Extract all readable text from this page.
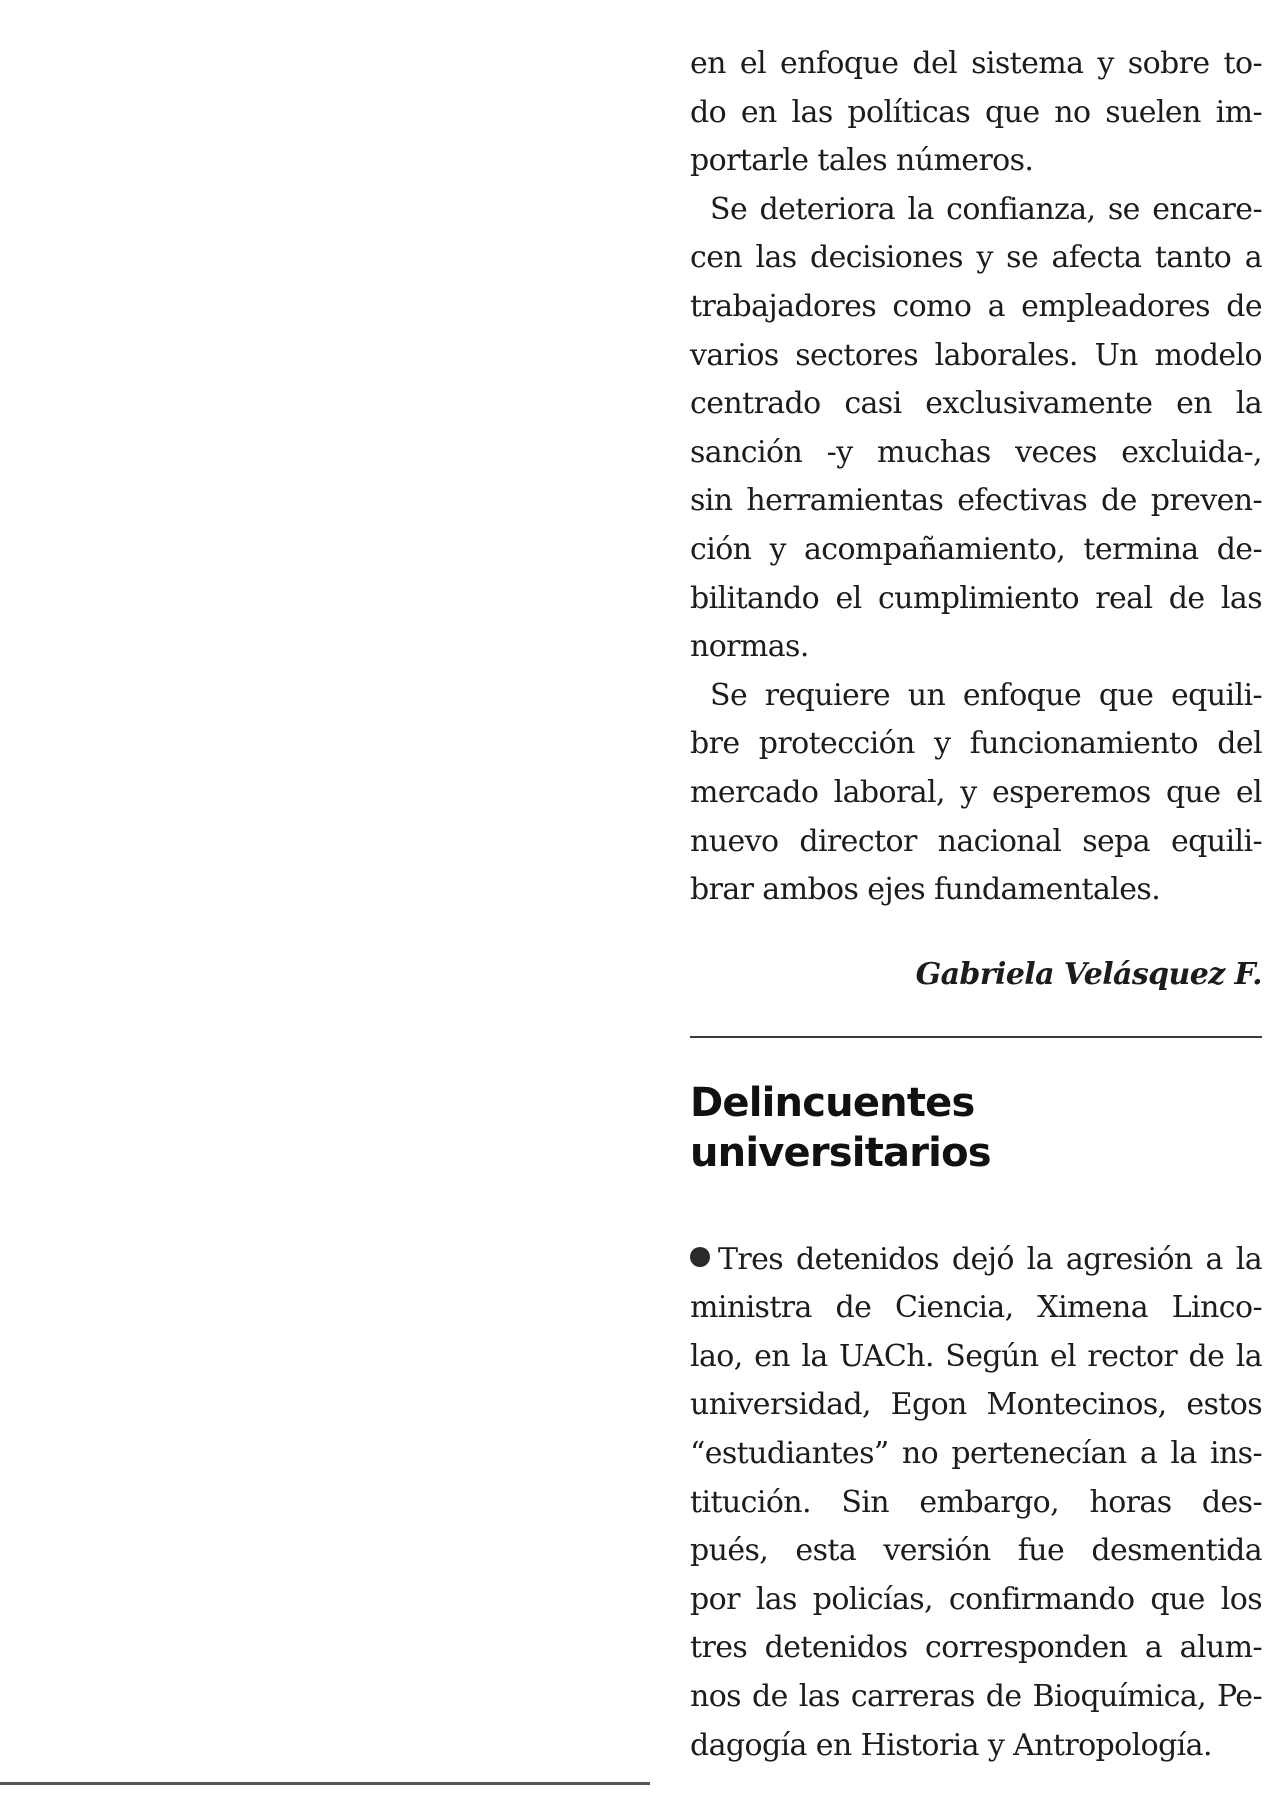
en el enfoque del sistema y sobre to-
do en las políticas que no suelen im-
portarle tales números.
Se deteriora la confianza, se encare-
cen las decisiones y se afecta tanto a
trabajadores como a empleadores de
varios sectores laborales. Un modelo
centrado casi exclusivamente en la
sanción -y muchas veces excluida-,
sin herramientas efectivas de preven-
ción y acompañamiento, termina de-
bilitando el cumplimiento real de las
normas.
Se requiere un enfoque que equili-
bre protección y funcionamiento del
mercado laboral, y esperemos que el
nuevo director nacional sepa equili-
brar ambos ejes fundamentales.
Gabriela Velásquez F.
Delincuentes universitarios
Tres detenidos dejó la agresión a la
ministra de Ciencia, Ximena Linco-
lao, en la UACh. Según el rector de la
universidad, Egon Montecinos, estos
“estudiantes” no pertenecían a la ins-
titución. Sin embargo, horas des-
pués, esta versión fue desmentida
por las policías, confirmando que los
tres detenidos corresponden a alum-
nos de las carreras de Bioquímica, Pe-
dagogía en Historia y Antropología.
